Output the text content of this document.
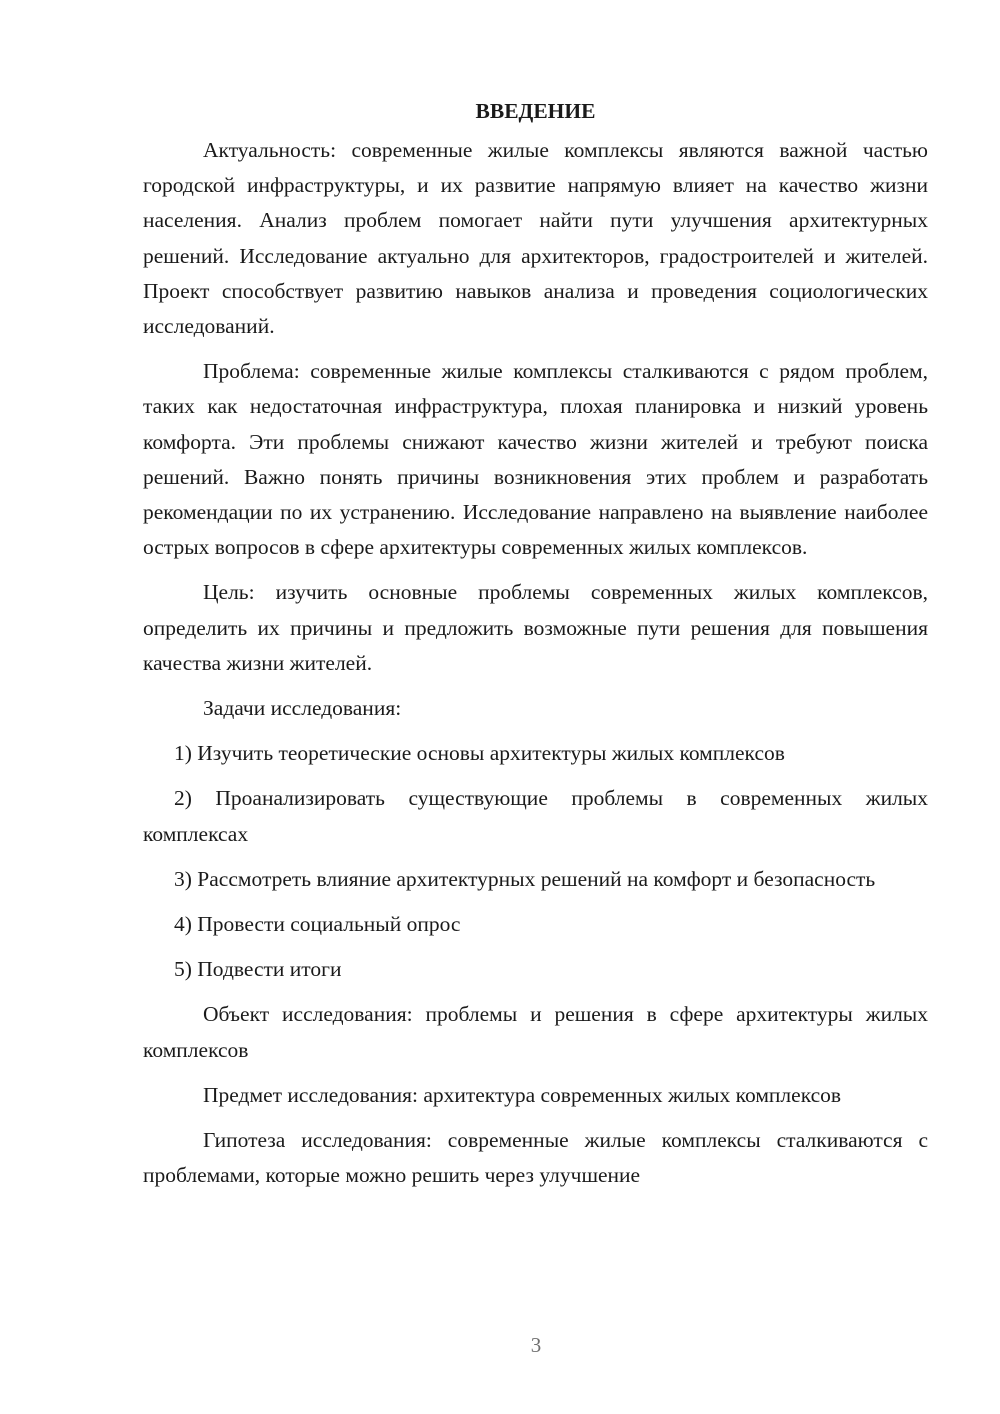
ВВЕДЕНИЕ

Актуальность: современные жилые комплексы являются важной частью городской инфраструктуры, и их развитие напрямую влияет на качество жизни населения. Анализ проблем помогает найти пути улучшения архитектурных решений. Исследование актуально для архитекторов, градостроителей и жителей. Проект способствует развитию навыков анализа и проведения социологических исследований.

Проблема: современные жилые комплексы сталкиваются с рядом проблем, таких как недостаточная инфраструктура, плохая планировка и низкий уровень комфорта. Эти проблемы снижают качество жизни жителей и требуют поиска решений. Важно понять причины возникновения этих проблем и разработать рекомендации по их устранению. Исследование направлено на выявление наиболее острых вопросов в сфере архитектуры современных жилых комплексов.

Цель: изучить основные проблемы современных жилых комплексов, определить их причины и предложить возможные пути решения для повышения качества жизни жителей.

Задачи исследования:

1) Изучить теоретические основы архитектуры жилых комплексов

2) Проанализировать существующие проблемы в современных жилых комплексах

3) Рассмотреть влияние архитектурных решений на комфорт и безопасность

4) Провести социальный опрос

5) Подвести итоги

Объект исследования: проблемы и решения в сфере архитектуры жилых комплексов

Предмет исследования: архитектура современных жилых комплексов

Гипотеза исследования: современные жилые комплексы сталкиваются с проблемами, которые можно решить через улучшение

3
